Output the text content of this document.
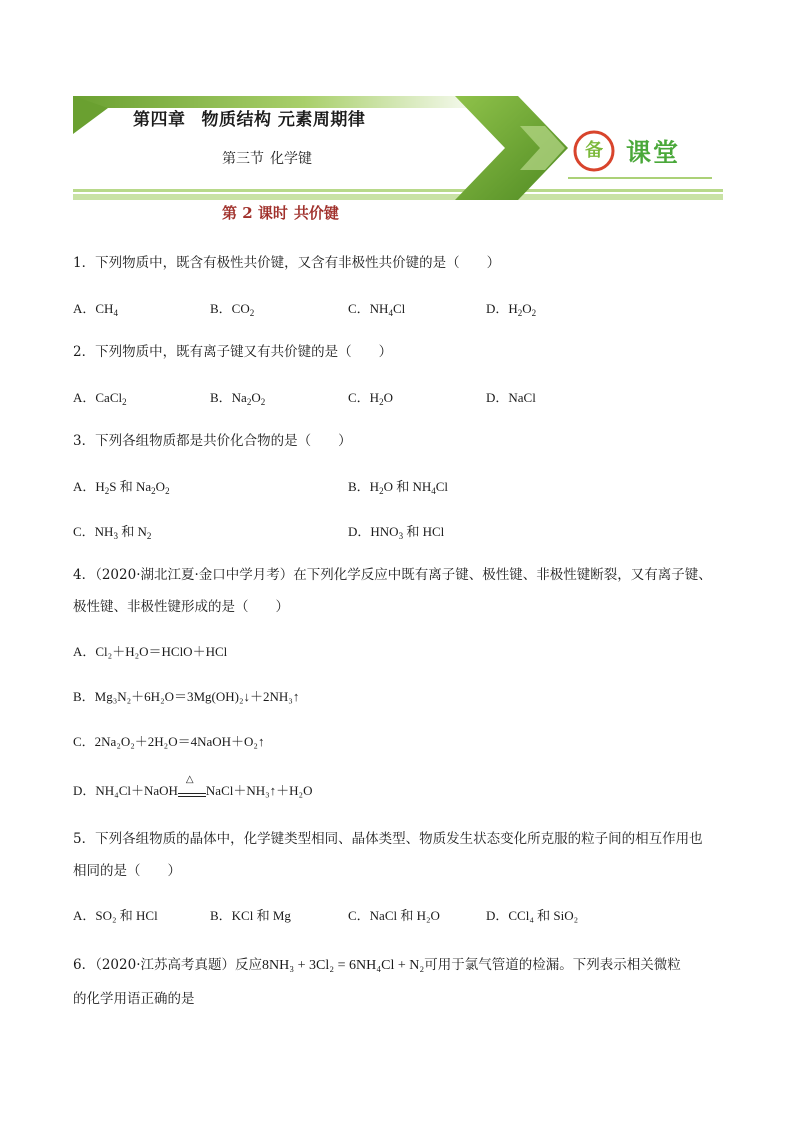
第四章 物质结构 元素周期律
第三节 化学键	备 课堂
第 2 课时 共价键
1．下列物质中，既含有极性共价键，又含有非极性共价键的是（　　）
A．$CH_4$	B．$CO_2$	C．$NH_4Cl$	D．$H_2O_2$
2．下列物质中，既有离子键又有共价键的是（　　）
A．CaCl$_2$	B．$Na_2O_2$	C．$H_2O$	D．NaCl
3．下列各组物质都是共价化合物的是（　　）
A．$H_2S$ 和 $Na_2O_2$	B．$H_2O$ 和 $NH_4Cl$
C．$NH_3$ 和 $N_2$	D．$HNO_3$ 和 HCl
4．（2020·湖北江夏·金口中学月考）在下列化学反应中既有离子键、极性键、非极性键断裂，又有离子键、
极性键、非极性键形成的是（　　）
A．Cl₂＋H₂O＝HClO＋HCl
B．Mg₃N₂＋6H₂O＝3Mg(OH)₂↓＋2NH₃↑
C．2Na₂O₂＋2H₂O＝4NaOH＋O₂↑
D．NH₄Cl＋NaOH△ NaCl＋NH₃↑＋H₂O
5．下列各组物质的晶体中，化学键类型相同、晶体类型、物质发生状态变化所克服的粒子间的相互作用也
相同的是（　　）
A．SO₂ 和 HCl	B．KCl 和 Mg	C．NaCl 和 H₂O	D．CCl₄ 和 SiO₂
6．（2020·江苏高考真题）反应8NH₃ + 3Cl₂ = 6NH₄Cl + N₂可用于氯气管道的检漏。下列表示相关微粒
的化学用语正确的是
